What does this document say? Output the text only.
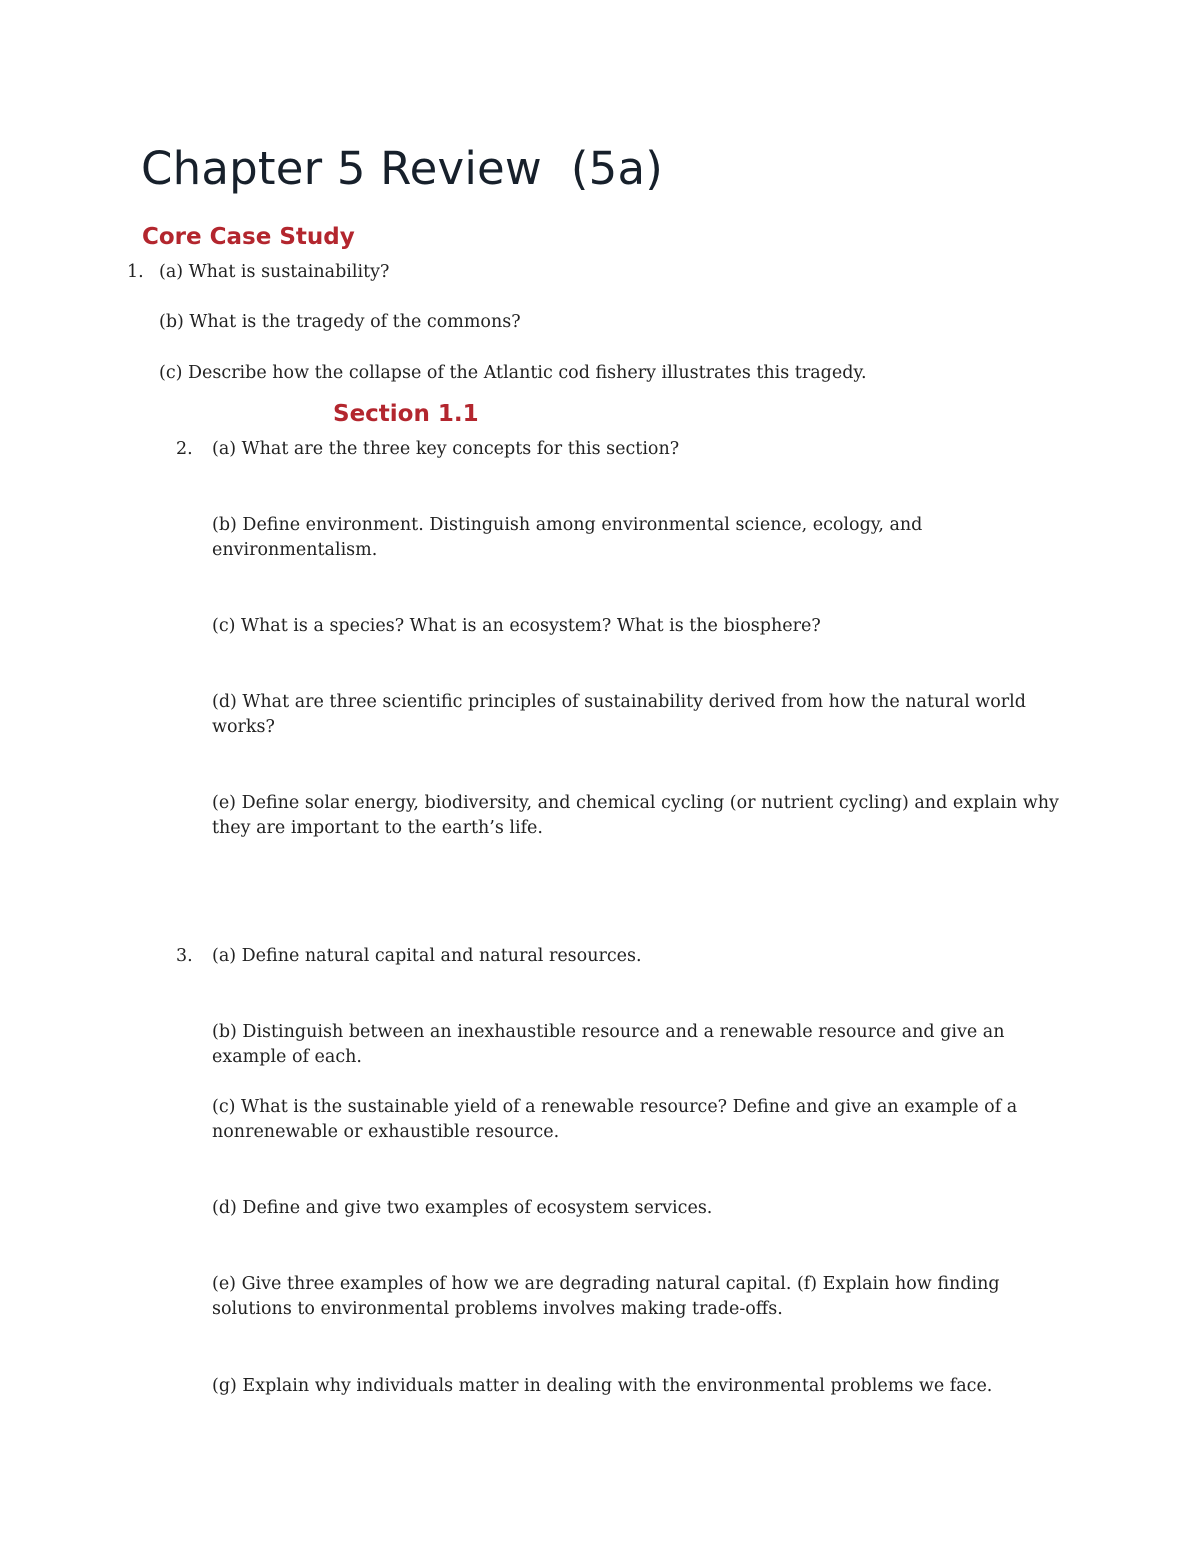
Chapter 5 Review  (5a)
Core Case Study
1. (a) What is sustainability?
(b) What is the tragedy of the commons?
(c) Describe how the collapse of the Atlantic cod fishery illustrates this tragedy.
Section 1.1
2. (a) What are the three key concepts for this section?
(b) Define environment. Distinguish among environmental science, ecology, and environmentalism.
(c) What is a species? What is an ecosystem? What is the biosphere?
(d) What are three scientific principles of sustainability derived from how the natural world works?
(e) Define solar energy, biodiversity, and chemical cycling (or nutrient cycling) and explain why they are important to the earth’s life.
3. (a) Define natural capital and natural resources.
(b) Distinguish between an inexhaustible resource and a renewable resource and give an example of each.
(c) What is the sustainable yield of a renewable resource? Define and give an example of a nonrenewable or exhaustible resource.
(d) Define and give two examples of ecosystem services.
(e) Give three examples of how we are degrading natural capital. (f) Explain how finding solutions to environmental problems involves making trade-offs.
(g) Explain why individuals matter in dealing with the environmental problems we face.
